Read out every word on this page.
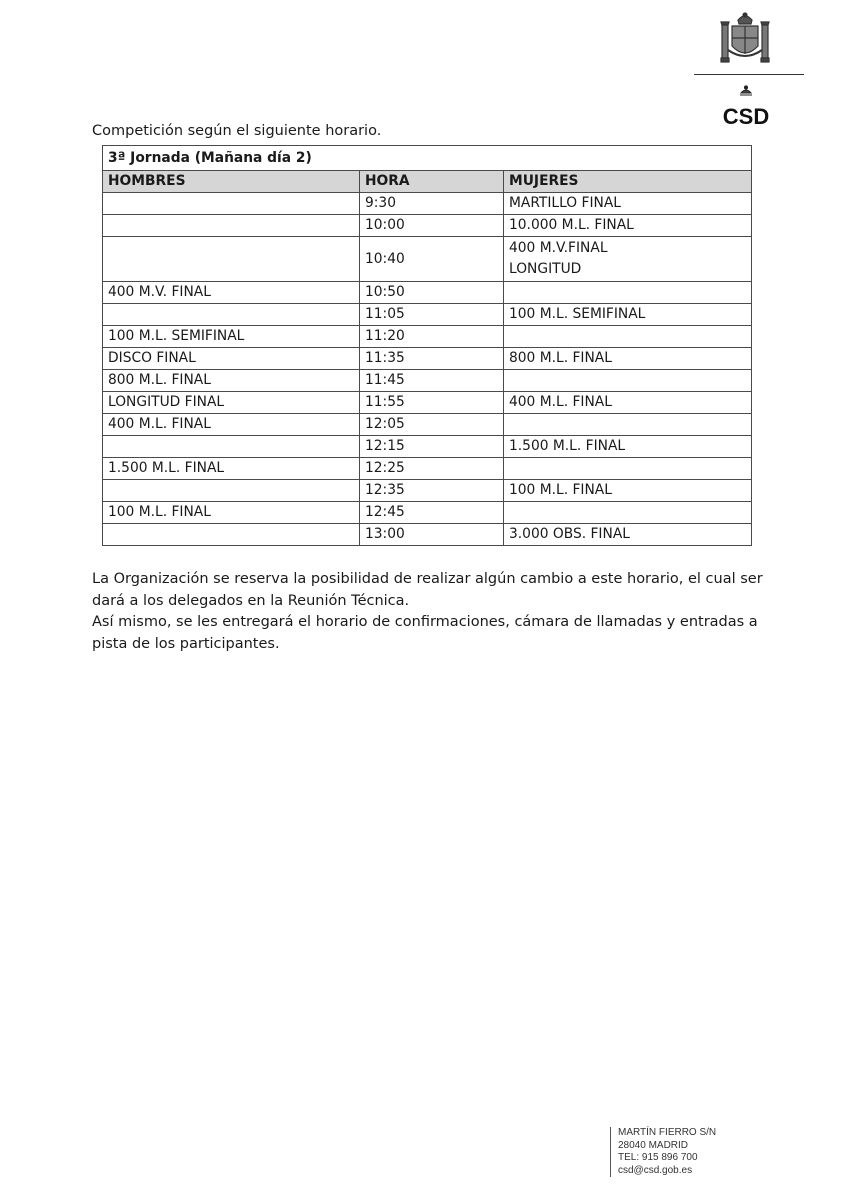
CSD
Competición según el siguiente horario.
3ª Jornada (Mañana día 2)		
HOMBRES	HORA	MUJERES
	9:30	MARTILLO FINAL
	10:00	10.000 M.L. FINAL
	10:40	400 M.V.FINAL
LONGITUD

400 M.V. FINAL	10:50	
	11:05	100 M.L. SEMIFINAL
100 M.L. SEMIFINAL	11:20	
DISCO FINAL	11:35	800 M.L. FINAL
800 M.L. FINAL	11:45	
LONGITUD FINAL	11:55	400 M.L. FINAL
400 M.L. FINAL	12:05	
	12:15	1.500 M.L. FINAL
1.500 M.L. FINAL	12:25	
	12:35	100 M.L. FINAL
100 M.L. FINAL	12:45	
	13:00	3.000 OBS. FINAL

La Organización se reserva la posibilidad de realizar algún cambio a este horario, el cual ser dará a los delegados en la Reunión Técnica.

Así mismo, se les entregará el horario de confirmaciones, cámara de llamadas y entradas a pista de los participantes.

MARTÍN FIERRO S/N
28040 MADRID
TEL: 915 896 700
csd@csd.gob.es
